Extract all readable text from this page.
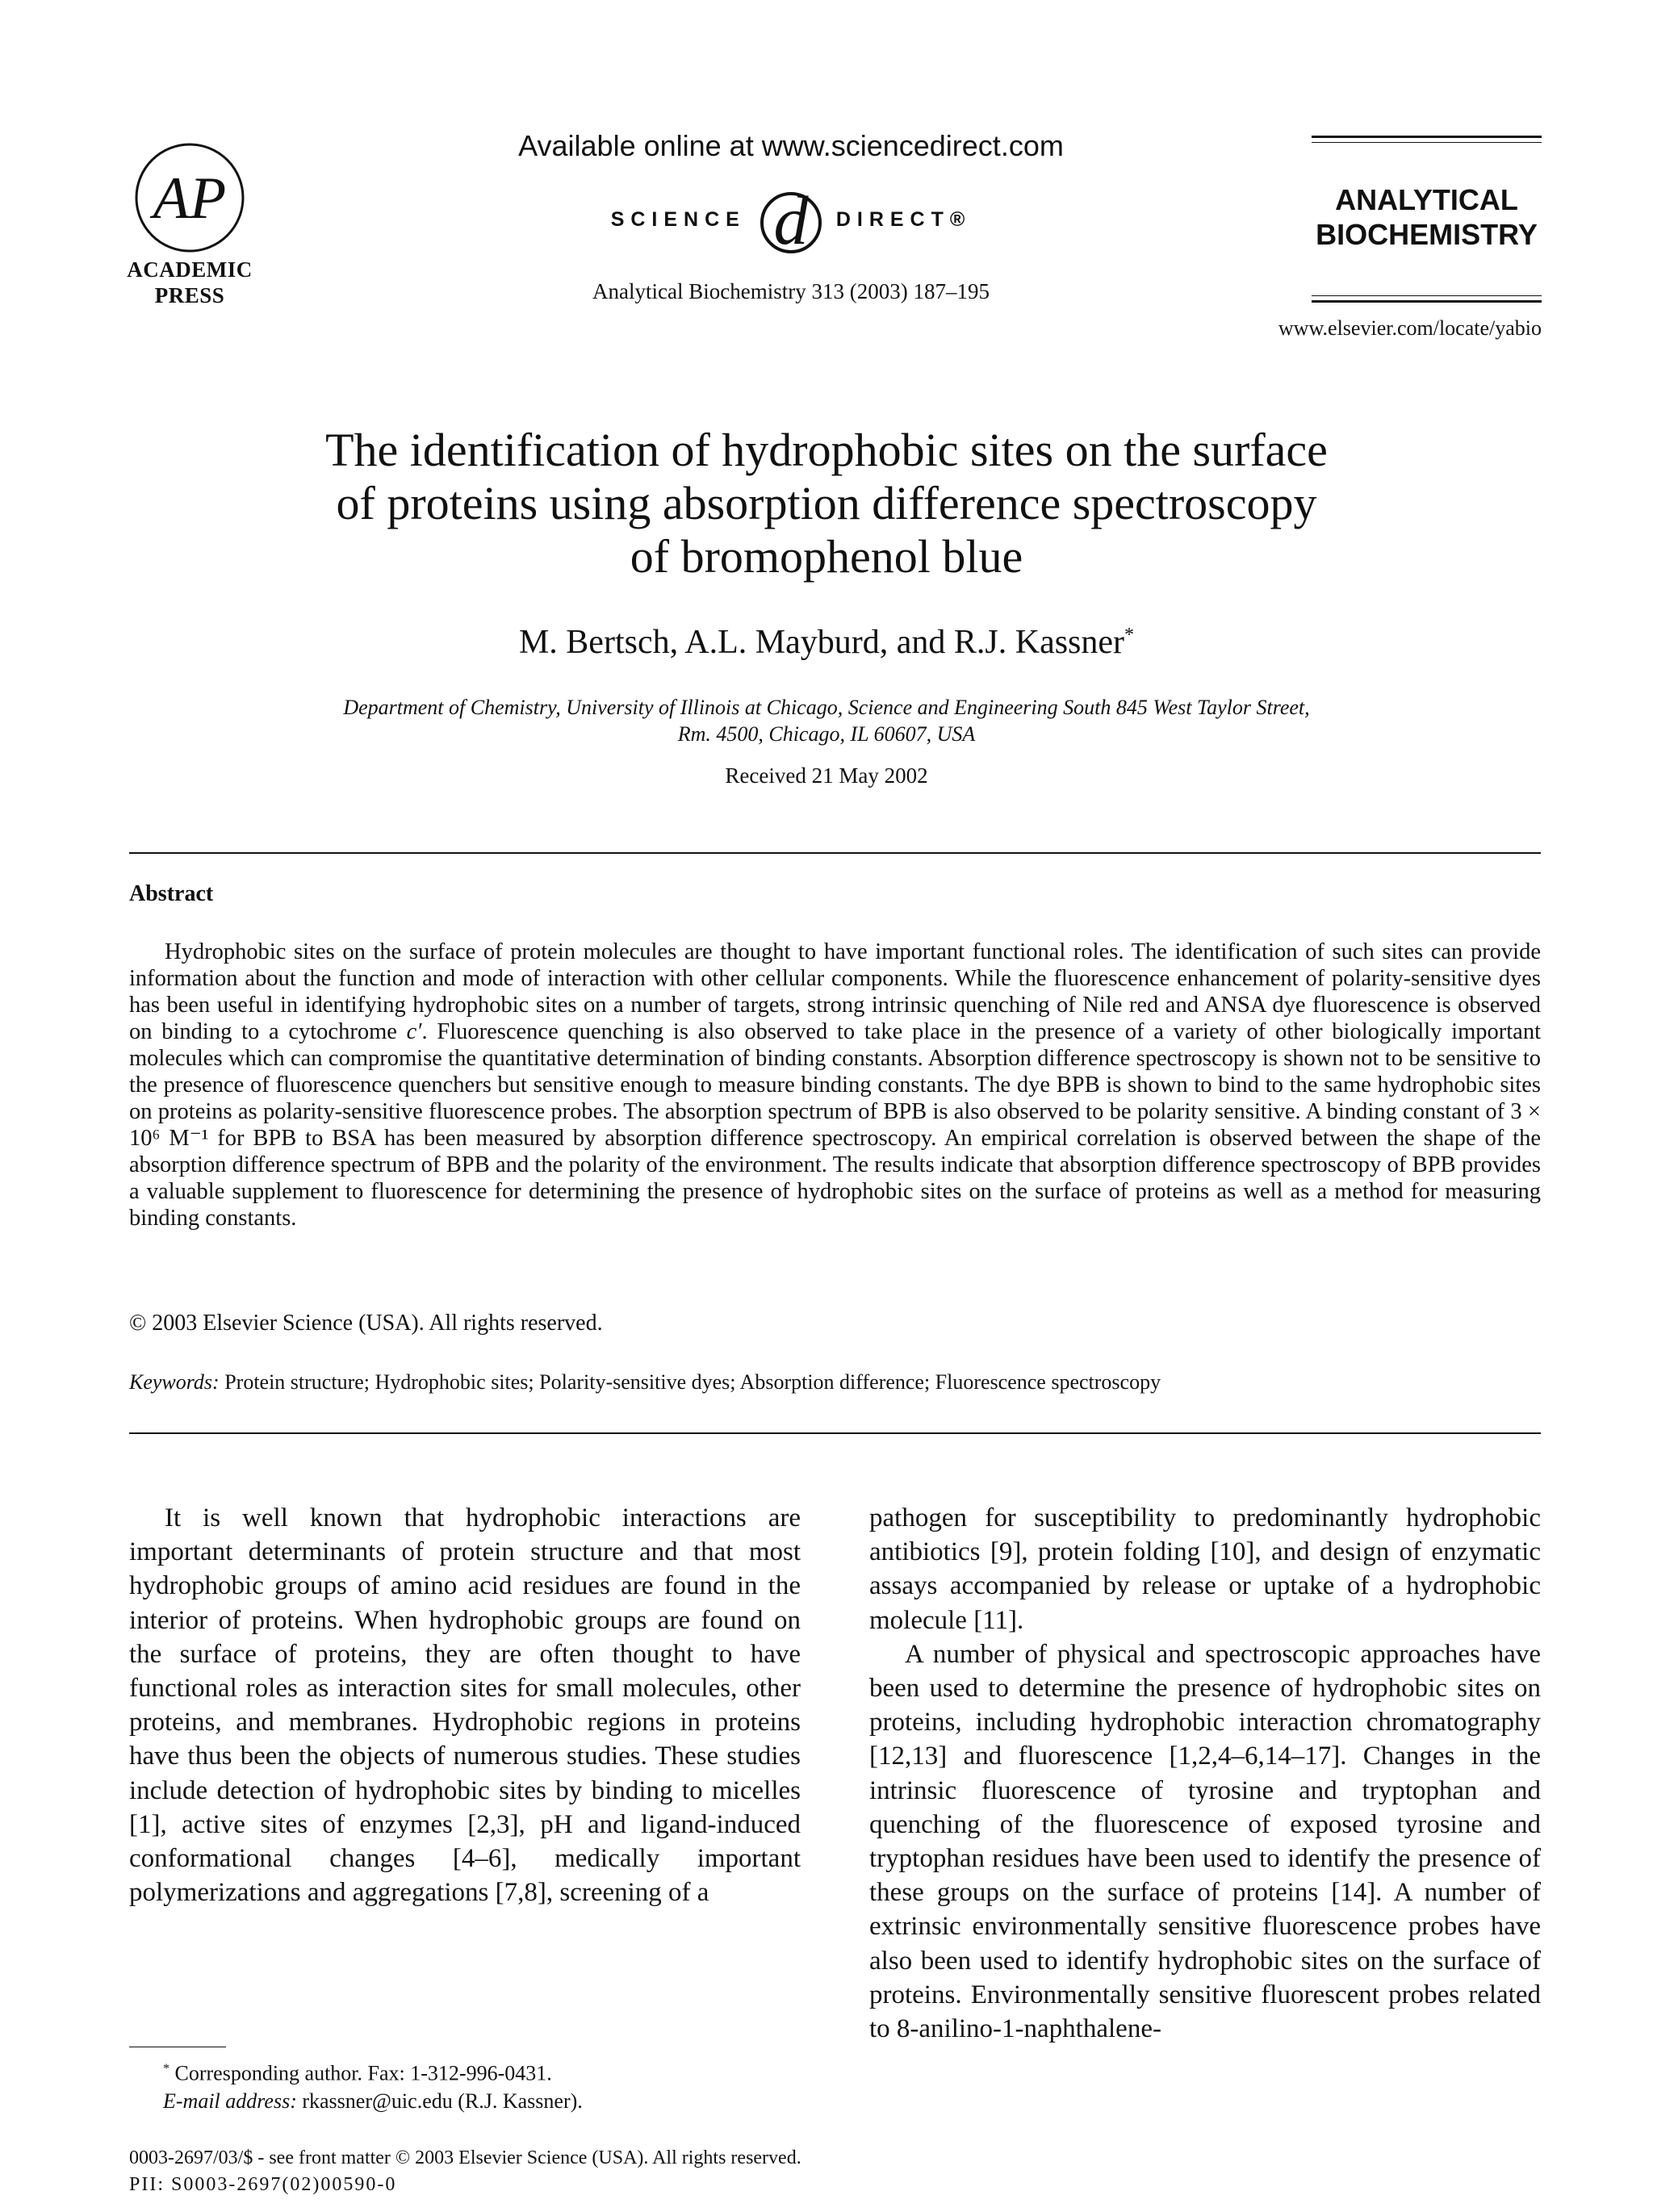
AP
ACADEMIC
PRESS
Available online at www.sciencedirect.com
SCIENCE d DIRECT®
Analytical Biochemistry 313 (2003) 187–195
ANALYTICAL
BIOCHEMISTRY
www.elsevier.com/locate/yabio
The identification of hydrophobic sites on the surface
of proteins using absorption difference spectroscopy
of bromophenol blue
M. Bertsch, A.L. Mayburd, and R.J. Kassner*
Department of Chemistry, University of Illinois at Chicago, Science and Engineering South 845 West Taylor Street,
Rm. 4500, Chicago, IL 60607, USA
Received 21 May 2002
Abstract

Hydrophobic sites on the surface of protein molecules are thought to have important functional roles. The identification of such sites can provide information about the function and mode of interaction with other cellular components. While the fluorescence enhancement of polarity-sensitive dyes has been useful in identifying hydrophobic sites on a number of targets, strong intrinsic quenching of Nile red and ANSA dye fluorescence is observed on binding to a cytochrome c′. Fluorescence quenching is also observed to take place in the presence of a variety of other biologically important molecules which can compromise the quantitative determination of binding constants. Absorption difference spectroscopy is shown not to be sensitive to the presence of fluorescence quenchers but sensitive enough to measure binding constants. The dye BPB is shown to bind to the same hydrophobic sites on proteins as polarity-sensitive fluorescence probes. The absorption spectrum of BPB is also observed to be polarity sensitive. A binding constant of 3 × 10⁶ M⁻¹ for BPB to BSA has been measured by absorption difference spectroscopy. An empirical correlation is observed between the shape of the absorption difference spectrum of BPB and the polarity of the environment. The results indicate that absorption difference spectroscopy of BPB provides a valuable supplement to fluorescence for determining the presence of hydrophobic sites on the surface of proteins as well as a method for measuring binding constants.

© 2003 Elsevier Science (USA). All rights reserved.
Keywords: Protein structure; Hydrophobic sites; Polarity-sensitive dyes; Absorption difference; Fluorescence spectroscopy

It is well known that hydrophobic interactions are important determinants of protein structure and that most hydrophobic groups of amino acid residues are found in the interior of proteins. When hydrophobic groups are found on the surface of proteins, they are often thought to have functional roles as interaction sites for small molecules, other proteins, and membranes. Hydrophobic regions in proteins have thus been the objects of numerous studies. These studies include detection of hydrophobic sites by binding to micelles [1], active sites of enzymes [2,3], pH and ligand-induced conformational changes [4–6], medically important polymerizations and aggregations [7,8], screening of a

pathogen for susceptibility to predominantly hydrophobic antibiotics [9], protein folding [10], and design of enzymatic assays accompanied by release or uptake of a hydrophobic molecule [11].

A number of physical and spectroscopic approaches have been used to determine the presence of hydrophobic sites on proteins, including hydrophobic interaction chromatography [12,13] and fluorescence [1,2,4–6,14–17]. Changes in the intrinsic fluorescence of tyrosine and tryptophan and quenching of the fluorescence of exposed tyrosine and tryptophan residues have been used to identify the presence of these groups on the surface of proteins [14]. A number of extrinsic environmentally sensitive fluorescence probes have also been used to identify hydrophobic sites on the surface of proteins. Environmentally sensitive fluorescent probes related to 8-anilino-1-naphthalene-

* Corresponding author. Fax: 1-312-996-0431.
E-mail address: rkassner@uic.edu (R.J. Kassner).
0003-2697/03/$ - see front matter © 2003 Elsevier Science (USA). All rights reserved.
PII: S0003-2697(02)00590-0
